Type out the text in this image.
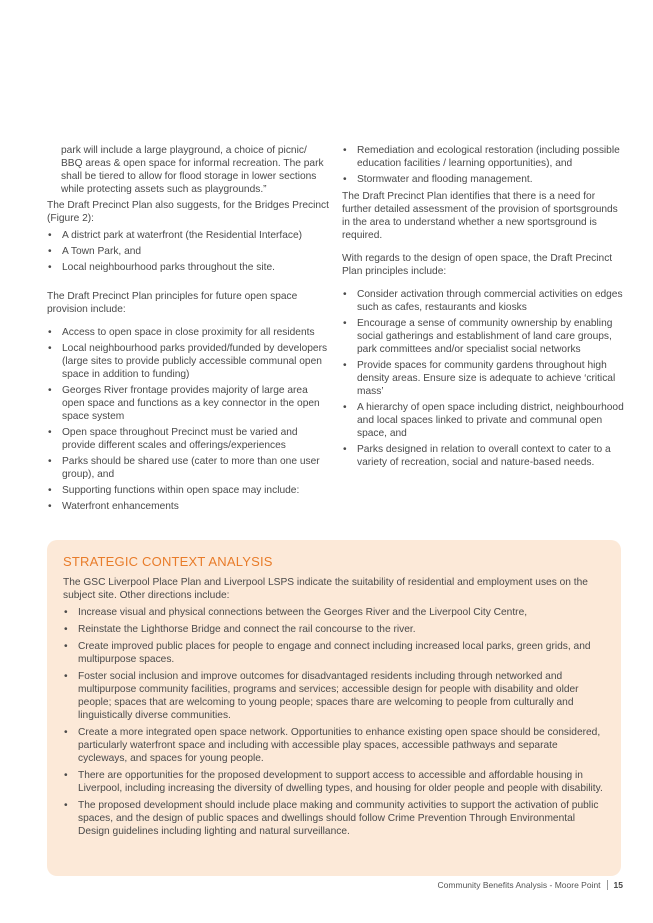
park will include a large playground, a choice of picnic/ BBQ areas & open space for informal recreation. The park shall be tiered to allow for flood storage in lower sections while protecting assets such as playgrounds.”

The Draft Precinct Plan also suggests, for the Bridges Precinct (Figure 2):

• A district park at waterfront (the Residential Interface)
• A Town Park, and
• Local neighbourhood parks throughout the site.

The Draft Precinct Plan principles for future open space provision include:

• Access to open space in close proximity for all residents
• Local neighbourhood parks provided/funded by developers (large sites to provide publicly accessible communal open space in addition to funding)
• Georges River frontage provides majority of large area open space and functions as a key connector in the open space system
• Open space throughout Precinct must be varied and provide different scales and offerings/experiences
• Parks should be shared use (cater to more than one user group), and
• Supporting functions within open space may include:
• Waterfront enhancements
• Remediation and ecological restoration (including possible education facilities / learning opportunities), and
• Stormwater and flooding management.

The Draft Precinct Plan identifies that there is a need for further detailed assessment of the provision of sportsgrounds in the area to understand whether a new sportsground is required.

With regards to the design of open space, the Draft Precinct Plan principles include:

• Consider activation through commercial activities on edges such as cafes, restaurants and kiosks
• Encourage a sense of community ownership by enabling social gatherings and establishment of land care groups, park committees and/or specialist social networks
• Provide spaces for community gardens throughout high density areas. Ensure size is adequate to achieve ‘critical mass’
• A hierarchy of open space including district, neighbourhood and local spaces linked to private and communal open space, and
• Parks designed in relation to overall context to cater to a variety of recreation, social and nature-based needs.
STRATEGIC CONTEXT ANALYSIS

The GSC Liverpool Place Plan and Liverpool LSPS indicate the suitability of residential and employment uses on the subject site. Other directions include:

• Increase visual and physical connections between the Georges River and the Liverpool City Centre,
• Reinstate the Lighthorse Bridge and connect the rail concourse to the river.
• Create improved public places for people to engage and connect including increased local parks, green grids, and multipurpose spaces.
• Foster social inclusion and improve outcomes for disadvantaged residents including through networked and multipurpose community facilities, programs and services; accessible design for people with disability and older people; spaces that are welcoming to young people; spaces thare are welcoming to people from culturally and linguistically diverse communities.
• Create a more integrated open space network. Opportunities to enhance existing open space should be considered, particularly waterfront space and including with accessible play spaces, accessible pathways and separate cycleways, and spaces for young people.
• There are opportunities for the proposed development to support access to accessible and affordable housing in Liverpool, including increasing the diversity of dwelling types, and housing for older people and people with disability.
• The proposed development should include place making and community activities to support the activation of public spaces, and the design of public spaces and dwellings should follow Crime Prevention Through Environmental Design guidelines including lighting and natural surveillance.
Community Benefits Analysis - Moore Point 15
